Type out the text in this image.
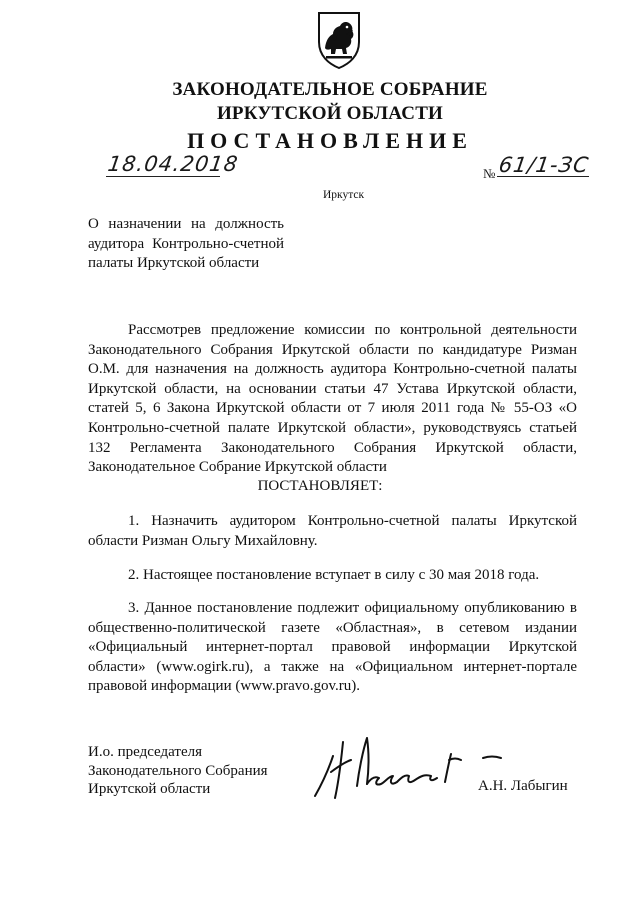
ЗАКОНОДАТЕЛЬНОЕ СОБРАНИЕ
ИРКУТСКОЙ ОБЛАСТИ
ПОСТАНОВЛЕНИЕ
18.04.2018	№ 61/1-ЗС
Иркутск
О назначении на должность аудитора Контрольно-счетной палаты Иркутской области
Рассмотрев предложение комиссии по контрольной деятельности Законодательного Собрания Иркутской области по кандидатуре Ризман О.М. для назначения на должность аудитора Контрольно-счетной палаты Иркутской области, на основании статьи 47 Устава Иркутской области, статей 5, 6 Закона Иркутской области от 7 июля 2011 года № 55-ОЗ «О Контрольно-счетной палате Иркутской области», руководствуясь статьей 132 Регламента Законодательного Собрания Иркутской области, Законодательное Собрание Иркутской области
ПОСТАНОВЛЯЕТ:
1. Назначить аудитором Контрольно-счетной палаты Иркутской области Ризман Ольгу Михайловну.
2. Настоящее постановление вступает в силу с 30 мая 2018 года.
3. Данное постановление подлежит официальному опубликованию в общественно-политической газете «Областная», в сетевом издании «Официальный интернет-портал правовой информации Иркутской области» (www.ogirk.ru), а также на «Официальном интернет-портале правовой информации (www.pravo.gov.ru).
И.о. председателя
Законодательного Собрания
Иркутской области	А.Н. Лабыгин
